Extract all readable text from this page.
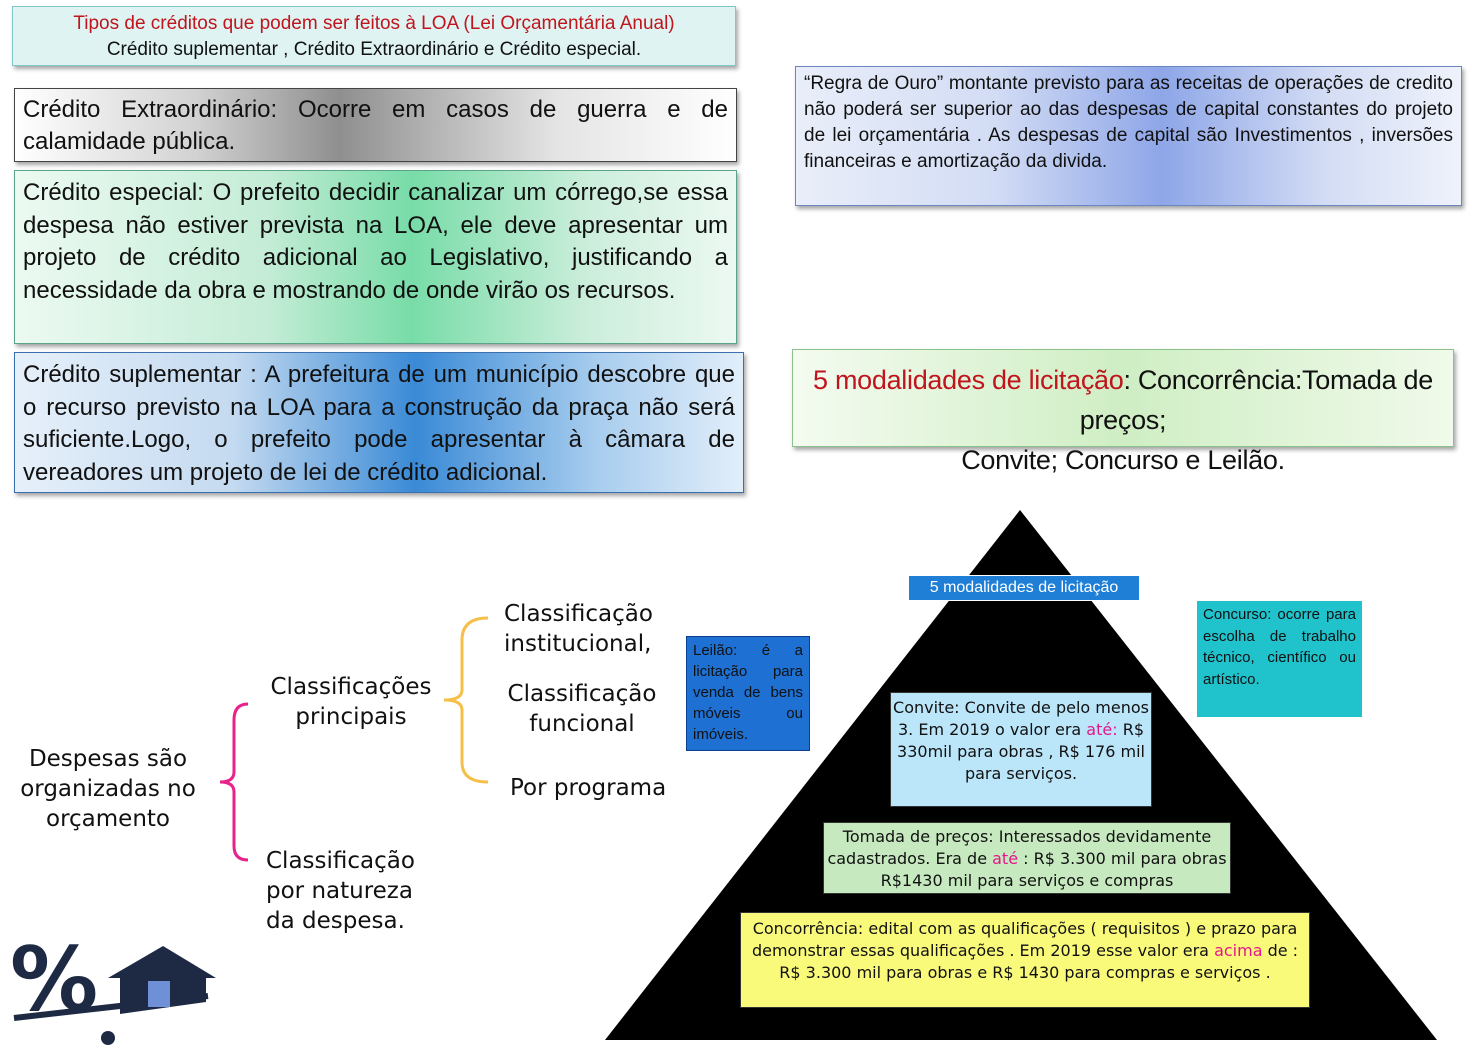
Tipos de créditos que podem ser feitos à LOA (Lei Orçamentária Anual)
Crédito suplementar , Crédito Extraordinário e Crédito especial.
Crédito Extraordinário: Ocorre em casos de guerra e de calamidade pública.
Crédito especial: O prefeito decidir canalizar um córrego,se essa despesa não estiver prevista na LOA, ele deve apresentar um projeto de crédito adicional ao Legislativo, justificando a necessidade da obra e mostrando de onde virão os recursos.
Crédito suplementar : A prefeitura de um município descobre que o recurso previsto na LOA para a construção da praça não será suficiente.Logo, o prefeito pode apresentar à câmara de vereadores um projeto de lei de crédito adicional.
“Regra de Ouro” montante previsto para as receitas de operações de credito não poderá ser superior ao das despesas de capital constantes do projeto de lei orçamentária . As despesas de capital são Investimentos , inversões financeiras e amortização da divida.
5 modalidades de licitação: Concorrência:Tomada de preços;
Convite; Concurso e Leilão.
Despesas são organizadas no orçamento
Classificações principais
Classificação por natureza da despesa.
Classificação institucional,
Classificação funcional
Por programa
5 modalidades de licitação
Leilão: é a licitação para venda de bens móveis ou imóveis.
Concurso: ocorre para escolha de trabalho técnico, científico ou artístico.
Convite: Convite de pelo menos 3. Em 2019 o valor era até: R$ 330mil para obras , R$ 176 mil para serviços.
Tomada de preços: Interessados devidamente cadastrados. Era de até : R$ 3.300 mil para obras R$1430 mil para serviços e compras
Concorrência: edital com as qualificações ( requisitos ) e prazo para demonstrar essas qualificações . Em 2019 esse valor era acima de : R$ 3.300 mil para obras e R$ 1430 para compras e serviços .
%
